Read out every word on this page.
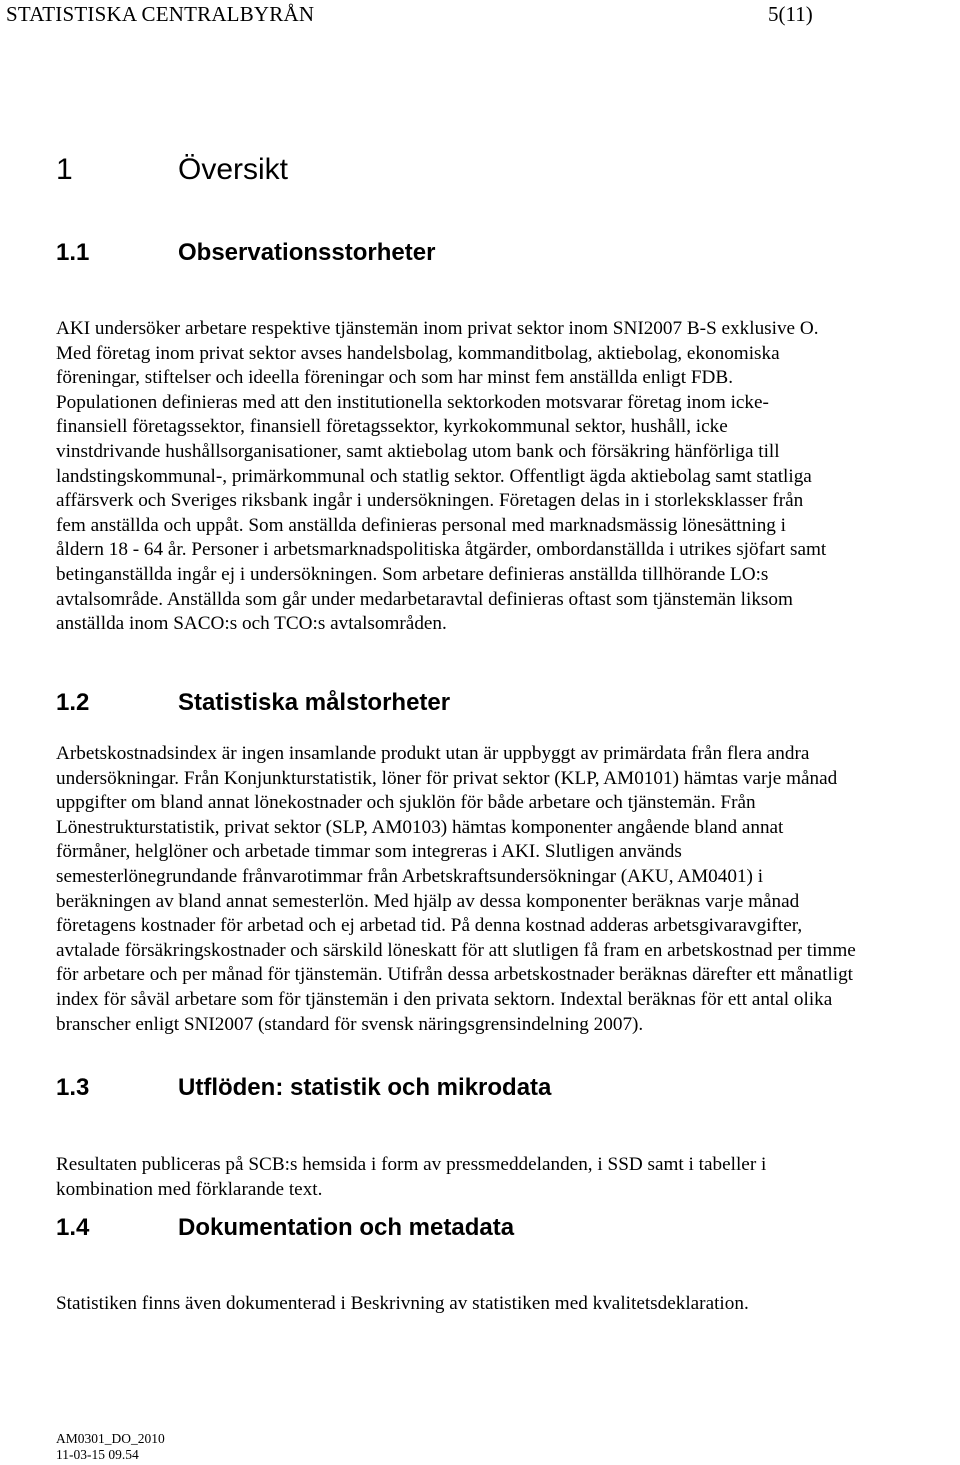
STATISTISKA CENTRALBYRÅN	5(11)
1	Översikt
1.1	Observationsstorheter
AKI undersöker arbetare respektive tjänstemän inom privat sektor inom SNI2007 B-S exklusive O.
Med företag inom privat sektor avses handelsbolag, kommanditbolag, aktiebolag, ekonomiska
föreningar, stiftelser och ideella föreningar och som har minst fem anställda enligt FDB.
Populationen definieras med att den institutionella sektorkoden motsvarar företag inom icke-
finansiell företagssektor, finansiell företagssektor, kyrkokommunal sektor, hushåll, icke
vinstdrivande hushållsorganisationer, samt aktiebolag utom bank och försäkring hänförliga till
landstingskommunal-, primärkommunal och statlig sektor. Offentligt ägda aktiebolag samt statliga
affärsverk och Sveriges riksbank ingår i undersökningen. Företagen delas in i storleksklasser från
fem anställda och uppåt. Som anställda definieras personal med marknadsmässig lönesättning i
åldern 18 - 64 år. Personer i arbetsmarknadspolitiska åtgärder, ombordanställda i utrikes sjöfart samt
betinganställda ingår ej i undersökningen. Som arbetare definieras anställda tillhörande LO:s
avtalsområde. Anställda som går under medarbetaravtal definieras oftast som tjänstemän liksom
anställda inom SACO:s och TCO:s avtalsområden.
1.2	Statistiska målstorheter
Arbetskostnadsindex är ingen insamlande produkt utan är uppbyggt av primärdata från flera andra
undersökningar. Från Konjunkturstatistik, löner för privat sektor (KLP, AM0101) hämtas varje månad
uppgifter om bland annat lönekostnader och sjuklön för både arbetare och tjänstemän. Från
Lönestrukturstatistik, privat sektor (SLP, AM0103) hämtas komponenter angående bland annat
förmåner, helglöner och arbetade timmar som integreras i AKI. Slutligen används
semesterlönegrundande frånvarotimmar från Arbetskraftsundersökningar (AKU, AM0401) i
beräkningen av bland annat semesterlön. Med hjälp av dessa komponenter beräknas varje månad
företagens kostnader för arbetad och ej arbetad tid. På denna kostnad adderas arbetsgivaravgifter,
avtalade försäkringskostnader och särskild löneskatt för att slutligen få fram en arbetskostnad per timme
för arbetare och per månad för tjänstemän. Utifrån dessa arbetskostnader beräknas därefter ett månatligt
index för såväl arbetare som för tjänstemän i den privata sektorn. Indextal beräknas för ett antal olika
branscher enligt SNI2007 (standard för svensk näringsgrensindelning 2007).
1.3	Utflöden: statistik och mikrodata
Resultaten publiceras på SCB:s hemsida i form av pressmeddelanden, i SSD samt i tabeller i
kombination med förklarande text.
1.4	Dokumentation och metadata
Statistiken finns även dokumenterad i Beskrivning av statistiken med kvalitetsdeklaration.
AM0301_DO_2010
11-03-15 09.54
